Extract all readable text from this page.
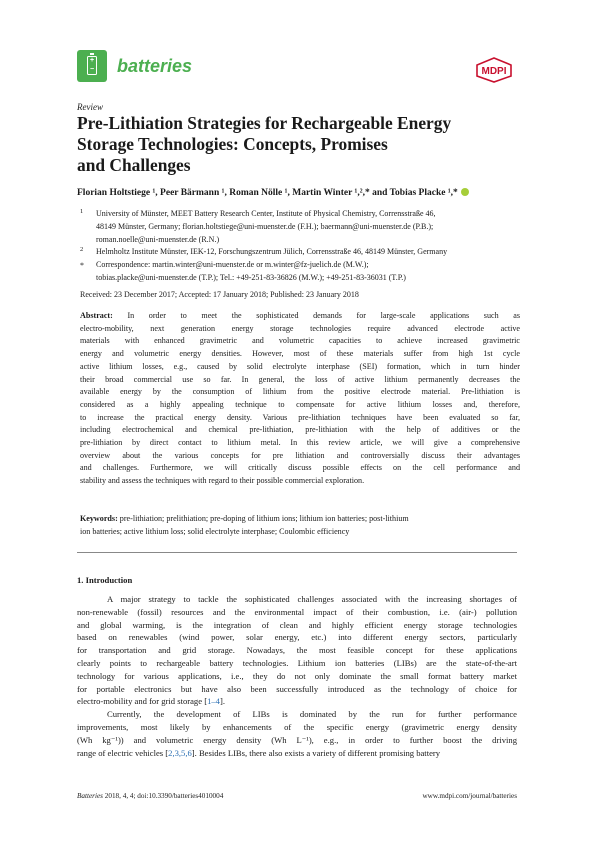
+
− batteries	MDPI
Review
Pre-Lithiation Strategies for Rechargeable Energy
Storage Technologies: Concepts, Promises
and Challenges
Florian Holtstiege ¹, Peer Bärmann ¹, Roman Nölle ¹, Martin Winter ¹,²,* and Tobias Placke ¹,*
1 University of Münster, MEET Battery Research Center, Institute of Physical Chemistry, Corrensstraße 46,
48149 Münster, Germany; florian.holtstiege@uni-muenster.de (F.H.); baermann@uni-muenster.de (P.B.);
roman.noelle@uni-muenster.de (R.N.)
2 Helmholtz Institute Münster, IEK-12, Forschungszentrum Jülich, Corrensstraße 46, 48149 Münster, Germany
* Correspondence: martin.winter@uni-muenster.de or m.winter@fz-juelich.de (M.W.);
tobias.placke@uni-muenster.de (T.P.); Tel.: +49-251-83-36826 (M.W.); +49-251-83-36031 (T.P.)
Received: 23 December 2017; Accepted: 17 January 2018; Published: 23 January 2018
Abstract: In order to meet the sophisticated demands for large-scale applications such as
electro-mobility, next generation energy storage technologies require advanced electrode active
materials with enhanced gravimetric and volumetric capacities to achieve increased gravimetric
energy and volumetric energy densities. However, most of these materials suffer from high 1st cycle
active lithium losses, e.g., caused by solid electrolyte interphase (SEI) formation, which in turn hinder
their broad commercial use so far. In general, the loss of active lithium permanently decreases the
available energy by the consumption of lithium from the positive electrode material. Pre-lithiation is
considered as a highly appealing technique to compensate for active lithium losses and, therefore,
to increase the practical energy density. Various pre-lithiation techniques have been evaluated so far,
including electrochemical and chemical pre-lithiation, pre-lithiation with the help of additives or the
pre-lithiation by direct contact to lithium metal. In this review article, we will give a comprehensive
overview about the various concepts for pre lithiation and controversially discuss their advantages
and challenges. Furthermore, we will critically discuss possible effects on the cell performance and
stability and assess the techniques with regard to their possible commercial exploration.
Keywords: pre-lithiation; prelithiation; pre-doping of lithium ions; lithium ion batteries; post-lithium
ion batteries; active lithium loss; solid electrolyte interphase; Coulombic efficiency
1. Introduction
A major strategy to tackle the sophisticated challenges associated with the increasing shortages of
non-renewable (fossil) resources and the environmental impact of their combustion, i.e. (air-) pollution
and global warming, is the integration of clean and highly efficient energy storage technologies
based on renewables (wind power, solar energy, etc.) into different energy sectors, particularly
for transportation and grid storage. Nowadays, the most feasible concept for these applications
clearly points to rechargeable battery technologies. Lithium ion batteries (LIBs) are the state-of-the-art
technology for various applications, i.e., they do not only dominate the small format battery market
for portable electronics but have also been successfully introduced as the technology of choice for
electro-mobility and for grid storage [1–4].
Currently, the development of LIBs is dominated by the run for further performance
improvements, most likely by enhancements of the specific energy (gravimetric energy density
(Wh kg⁻¹)) and volumetric energy density (Wh L⁻¹), e.g., in order to further boost the driving
range of electric vehicles [2,3,5,6]. Besides LIBs, there also exists a variety of different promising battery
Batteries 2018, 4, 4; doi:10.3390/batteries4010004	www.mdpi.com/journal/batteries
